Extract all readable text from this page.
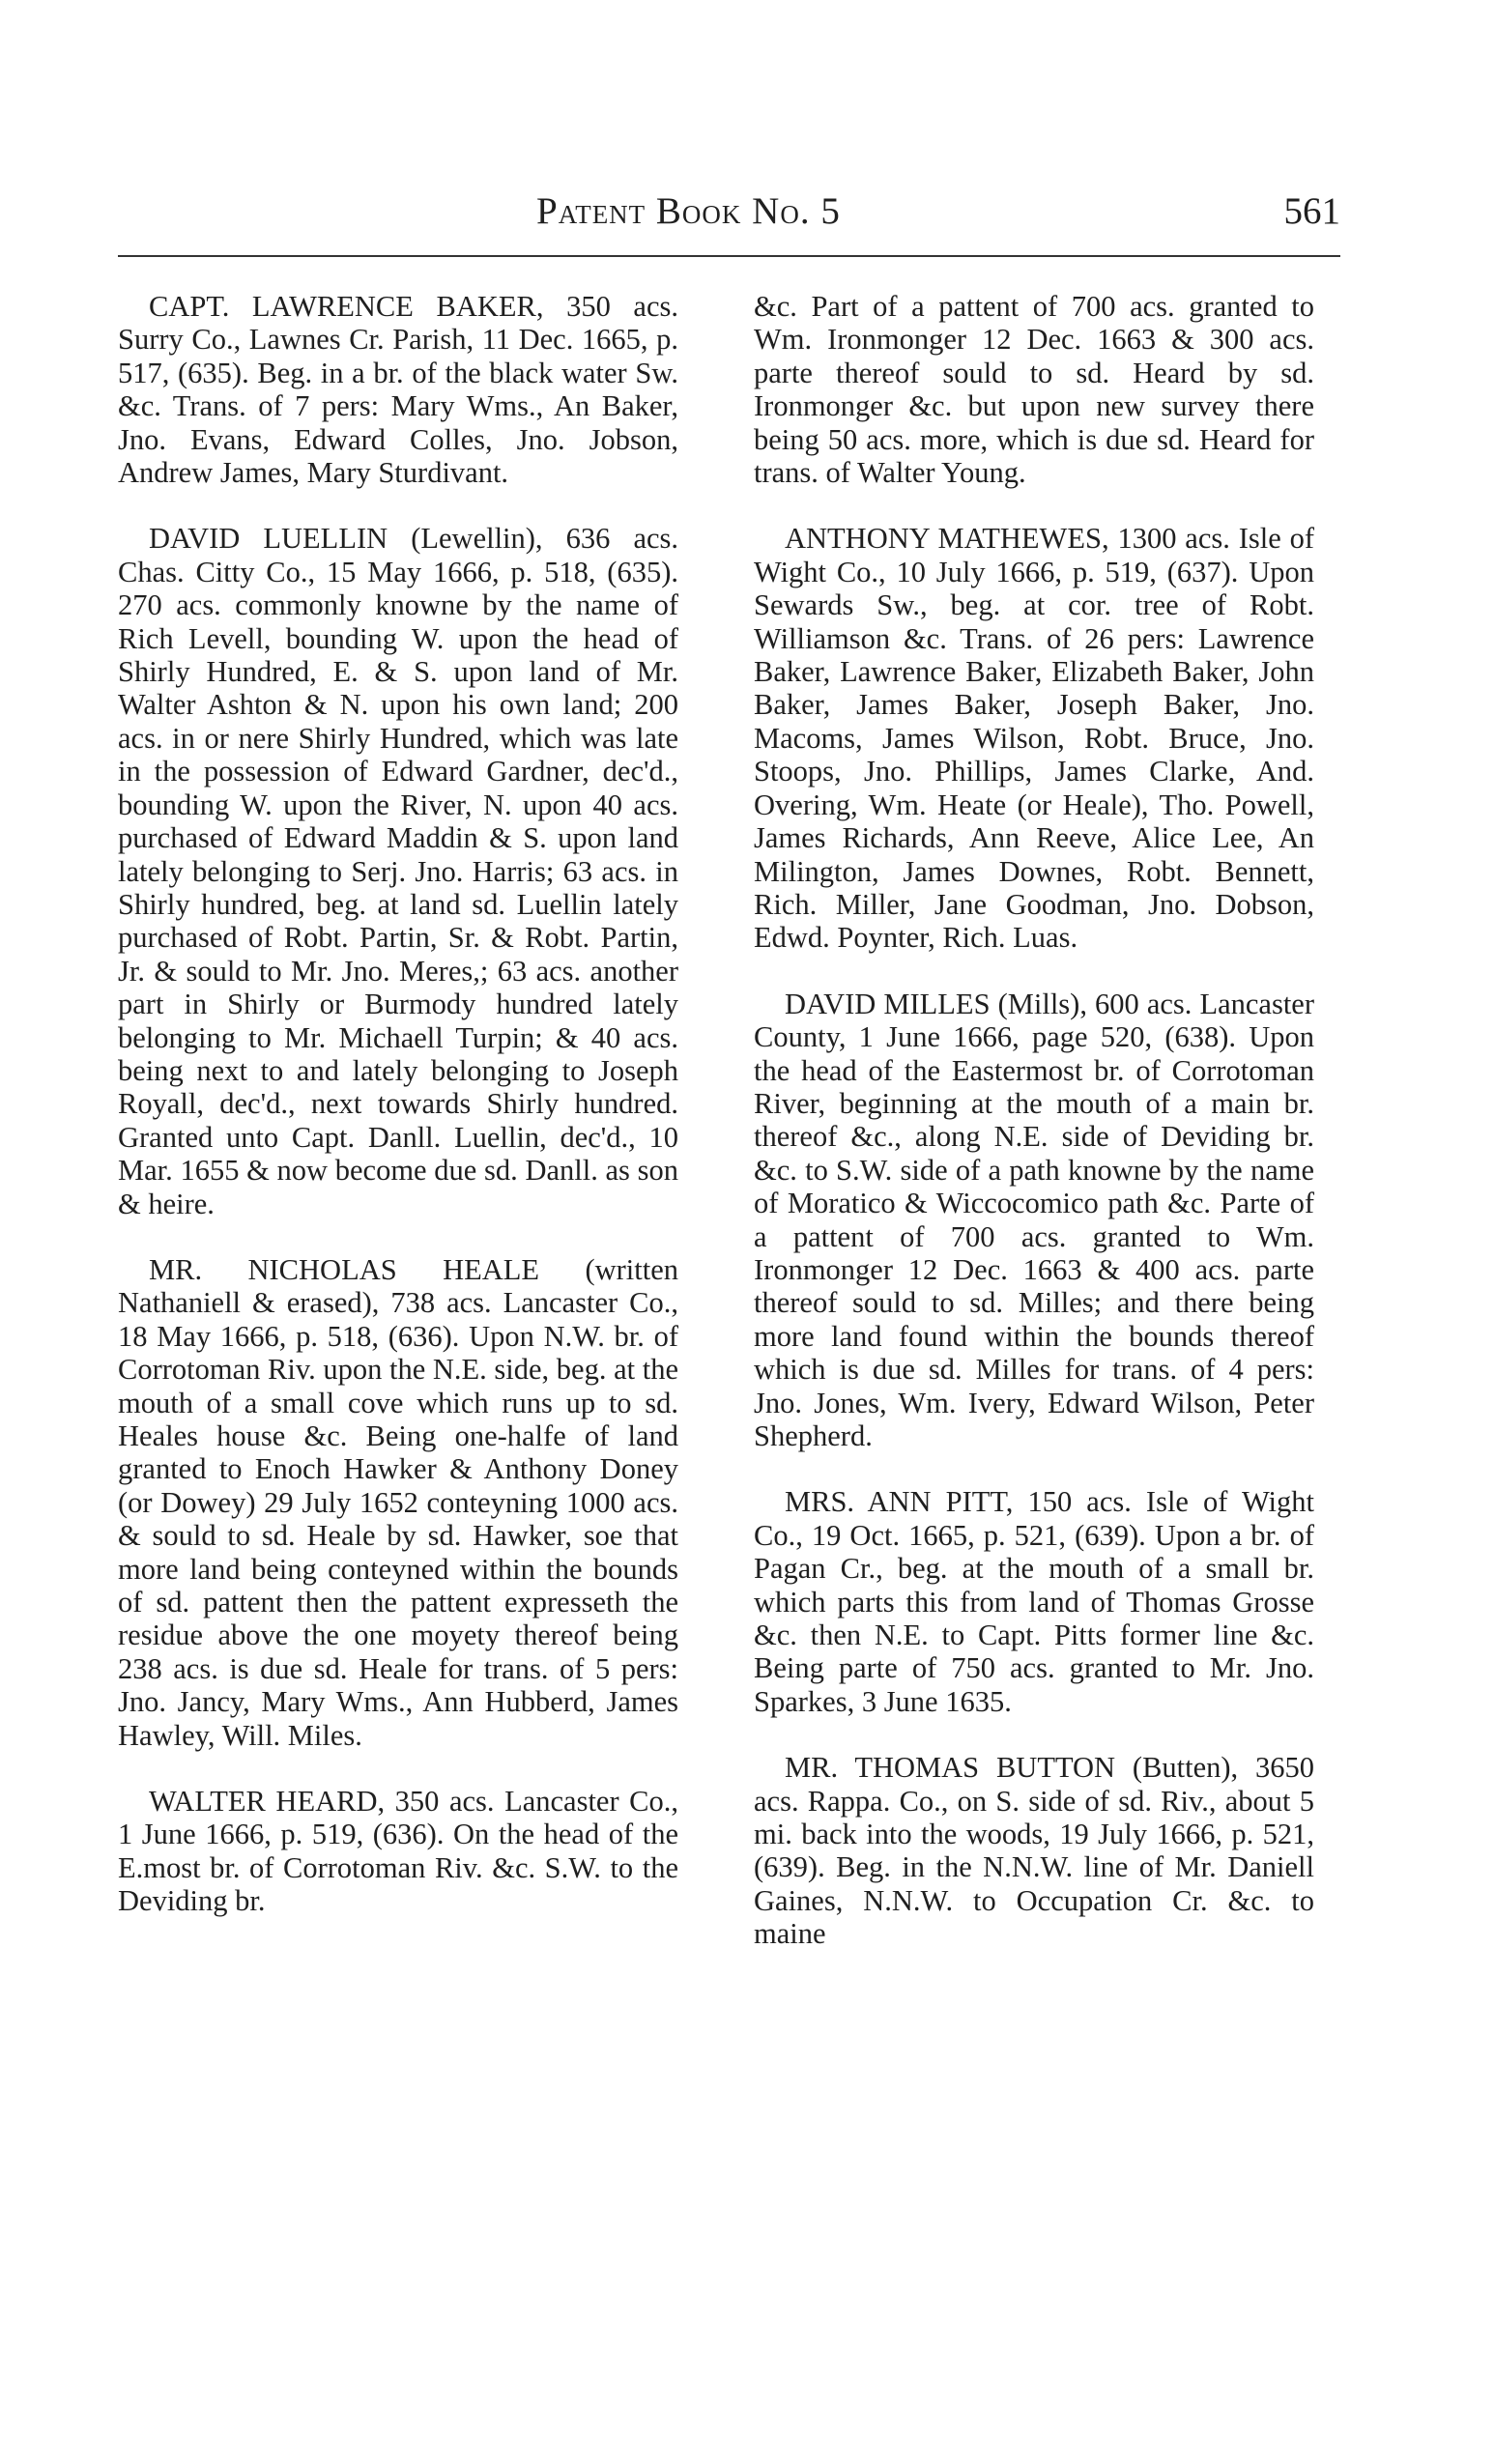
Patent Book No. 5	561

CAPT. LAWRENCE BAKER, 350 acs. Surry Co., Lawnes Cr. Parish, 11 Dec. 1665, p. 517, (635). Beg. in a br. of the black water Sw. &c. Trans. of 7 pers: Mary Wms., An Baker, Jno. Evans, Edward Colles, Jno. Jobson, Andrew James, Mary Sturdivant.

DAVID LUELLIN (Lewellin), 636 acs. Chas. Citty Co., 15 May 1666, p. 518, (635). 270 acs. commonly knowne by the name of Rich Levell, bounding W. upon the head of Shirly Hundred, E. & S. upon land of Mr. Walter Ashton & N. upon his own land; 200 acs. in or nere Shirly Hundred, which was late in the possession of Edward Gardner, dec'd., bounding W. upon the River, N. upon 40 acs. purchased of Edward Maddin & S. upon land lately belonging to Serj. Jno. Harris; 63 acs. in Shirly hundred, beg. at land sd. Luellin lately purchased of Robt. Partin, Sr. & Robt. Partin, Jr. & sould to Mr. Jno. Meres,; 63 acs. another part in Shirly or Burmody hundred lately belonging to Mr. Michaell Turpin; & 40 acs. being next to and lately belonging to Joseph Royall, dec'd., next towards Shirly hundred. Granted unto Capt. Danll. Luellin, dec'd., 10 Mar. 1655 & now become due sd. Danll. as son & heire.

MR. NICHOLAS HEALE (written Nathaniell & erased), 738 acs. Lancaster Co., 18 May 1666, p. 518, (636). Upon N.W. br. of Corrotoman Riv. upon the N.E. side, beg. at the mouth of a small cove which runs up to sd. Heales house &c. Being one-halfe of land granted to Enoch Hawker & Anthony Doney (or Dowey) 29 July 1652 conteyning 1000 acs. & sould to sd. Heale by sd. Hawker, soe that more land being conteyned within the bounds of sd. pattent then the pattent expresseth the residue above the one moyety thereof being 238 acs. is due sd. Heale for trans. of 5 pers: Jno. Jancy, Mary Wms., Ann Hubberd, James Hawley, Will. Miles.

WALTER HEARD, 350 acs. Lancaster Co., 1 June 1666, p. 519, (636). On the head of the E.most br. of Corrotoman Riv. &c. S.W. to the Deviding br.

&c. Part of a pattent of 700 acs. granted to Wm. Ironmonger 12 Dec. 1663 & 300 acs. parte thereof sould to sd. Heard by sd. Ironmonger &c. but upon new survey there being 50 acs. more, which is due sd. Heard for trans. of Walter Young.

ANTHONY MATHEWES, 1300 acs. Isle of Wight Co., 10 July 1666, p. 519, (637). Upon Sewards Sw., beg. at cor. tree of Robt. Williamson &c. Trans. of 26 pers: Lawrence Baker, Lawrence Baker, Elizabeth Baker, John Baker, James Baker, Joseph Baker, Jno. Macoms, James Wilson, Robt. Bruce, Jno. Stoops, Jno. Phillips, James Clarke, And. Overing, Wm. Heate (or Heale), Tho. Powell, James Richards, Ann Reeve, Alice Lee, An Milington, James Downes, Robt. Bennett, Rich. Miller, Jane Goodman, Jno. Dobson, Edwd. Poynter, Rich. Luas.

DAVID MILLES (Mills), 600 acs. Lancaster County, 1 June 1666, page 520, (638). Upon the head of the Eastermost br. of Corrotoman River, beginning at the mouth of a main br. thereof &c., along N.E. side of Deviding br. &c. to S.W. side of a path knowne by the name of Moratico & Wiccocomico path &c. Parte of a pattent of 700 acs. granted to Wm. Ironmonger 12 Dec. 1663 & 400 acs. parte thereof sould to sd. Milles; and there being more land found within the bounds thereof which is due sd. Milles for trans. of 4 pers: Jno. Jones, Wm. Ivery, Edward Wilson, Peter Shepherd.

MRS. ANN PITT, 150 acs. Isle of Wight Co., 19 Oct. 1665, p. 521, (639). Upon a br. of Pagan Cr., beg. at the mouth of a small br. which parts this from land of Thomas Grosse &c. then N.E. to Capt. Pitts former line &c. Being parte of 750 acs. granted to Mr. Jno. Sparkes, 3 June 1635.

MR. THOMAS BUTTON (Butten), 3650 acs. Rappa. Co., on S. side of sd. Riv., about 5 mi. back into the woods, 19 July 1666, p. 521, (639). Beg. in the N.N.W. line of Mr. Daniell Gaines, N.N.W. to Occupation Cr. &c. to maine
